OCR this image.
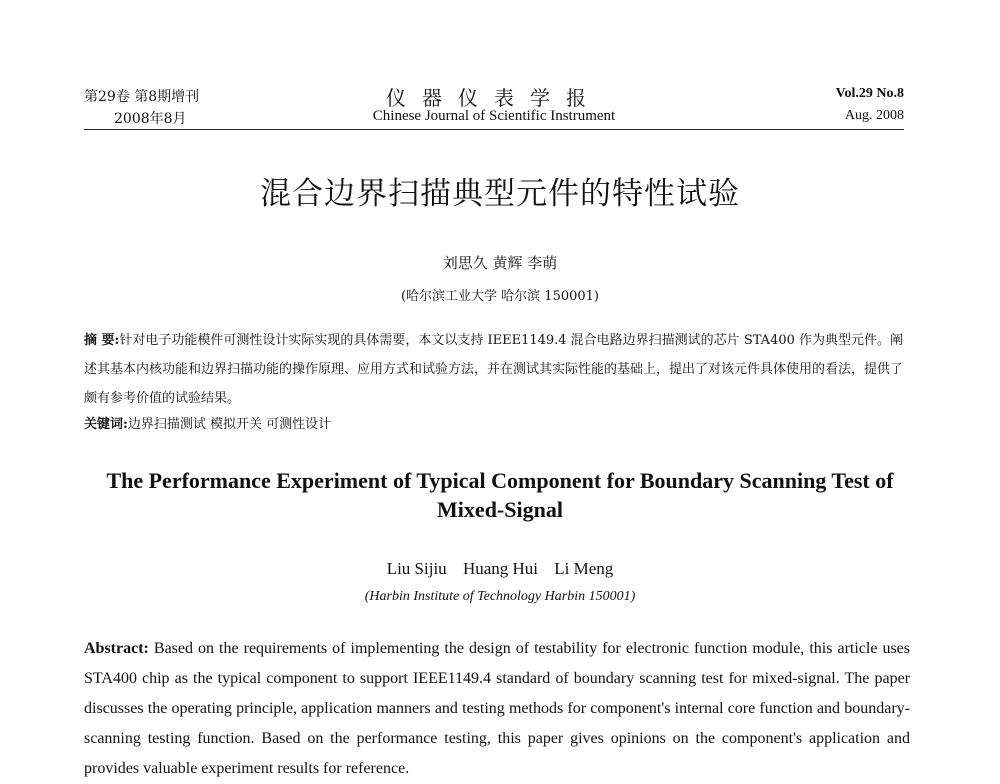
第29卷 第8期增刊
2008年8月
仪器仪表学报
Chinese Journal of Scientific Instrument
Vol.29 No.8
Aug. 2008
混合边界扫描典型元件的特性试验
刘思久 黄辉 李萌
(哈尔滨工业大学 哈尔滨 150001)
摘 要:针对电子功能模件可测性设计实际实现的具体需要，本文以支持 IEEE1149.4 混合电路边界扫描测试的芯片 STA400 作为典型元件。阐述其基本内核功能和边界扫描功能的操作原理、应用方式和试验方法，并在测试其实际性能的基础上，提出了对该元件具体使用的看法，提供了颇有参考价值的试验结果。
关键词:边界扫描测试 模拟开关 可测性设计
The Performance Experiment of Typical Component for Boundary Scanning Test of Mixed-Signal
Liu Sijiu Huang Hui Li Meng
(Harbin Institute of Technology Harbin 150001)
Abstract: Based on the requirements of implementing the design of testability for electronic function module, this article uses STA400 chip as the typical component to support IEEE1149.4 standard of boundary scanning test for mixed-signal. The paper discusses the operating principle, application manners and testing methods for component's internal core function and boundary-scanning testing function. Based on the performance testing, this paper gives opinions on the component's application and provides valuable experiment results for reference.
